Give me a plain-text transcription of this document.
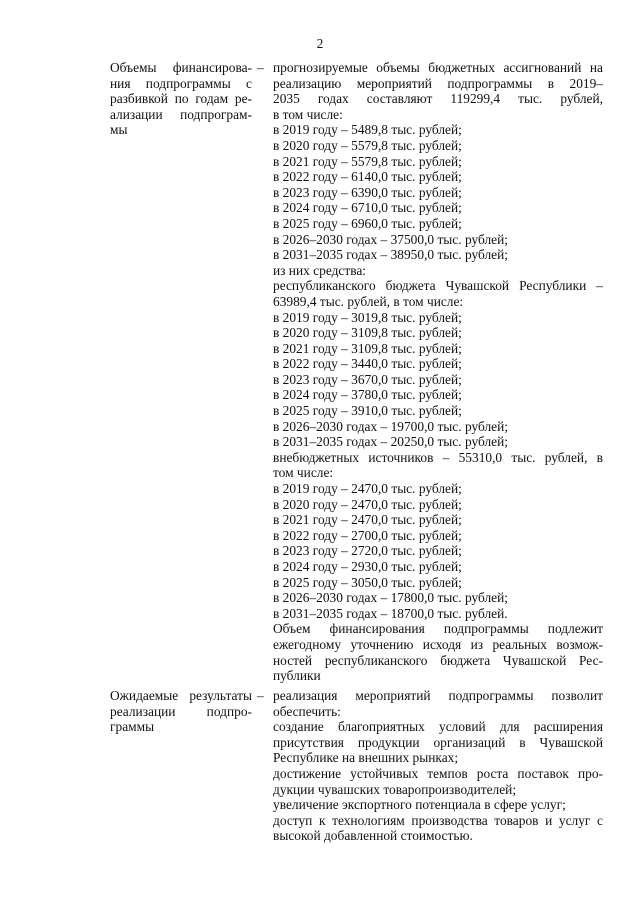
2
Объемы финансирова-
ния подпрограммы с
разбивкой по годам ре-
ализации подпрограм-
мы
– прогнозируемые объемы бюджетных ассигнований на
реализацию мероприятий подпрограммы в 2019–
2035 годах составляют 119299,4 тыс. рублей,
в том числе:
в 2019 году – 5489,8 тыс. рублей;
в 2020 году – 5579,8 тыс. рублей;
в 2021 году – 5579,8 тыс. рублей;
в 2022 году – 6140,0 тыс. рублей;
в 2023 году – 6390,0 тыс. рублей;
в 2024 году – 6710,0 тыс. рублей;
в 2025 году – 6960,0 тыс. рублей;
в 2026–2030 годах – 37500,0 тыс. рублей;
в 2031–2035 годах – 38950,0 тыс. рублей;
из них средства:
республиканского бюджета Чувашской Республики –
63989,4 тыс. рублей, в том числе:
в 2019 году – 3019,8 тыс. рублей;
в 2020 году – 3109,8 тыс. рублей;
в 2021 году – 3109,8 тыс. рублей;
в 2022 году – 3440,0 тыс. рублей;
в 2023 году – 3670,0 тыс. рублей;
в 2024 году – 3780,0 тыс. рублей;
в 2025 году – 3910,0 тыс. рублей;
в 2026–2030 годах – 19700,0 тыс. рублей;
в 2031–2035 годах – 20250,0 тыс. рублей;
внебюджетных источников – 55310,0 тыс. рублей, в
том числе:
в 2019 году – 2470,0 тыс. рублей;
в 2020 году – 2470,0 тыс. рублей;
в 2021 году – 2470,0 тыс. рублей;
в 2022 году – 2700,0 тыс. рублей;
в 2023 году – 2720,0 тыс. рублей;
в 2024 году – 2930,0 тыс. рублей;
в 2025 году – 3050,0 тыс. рублей;
в 2026–2030 годах – 17800,0 тыс. рублей;
в 2031–2035 годах – 18700,0 тыс. рублей.
Объем финансирования подпрограммы подлежит
ежегодному уточнению исходя из реальных возмож-
ностей республиканского бюджета Чувашской Рес-
публики
Ожидаемые результаты
реализации подпро-
граммы
– реализация мероприятий подпрограммы позволит
обеспечить:
создание благоприятных условий для расширения
присутствия продукции организаций в Чувашской
Республике на внешних рынках;
достижение устойчивых темпов роста поставок про-
дукции чувашских товаропроизводителей;
увеличение экспортного потенциала в сфере услуг;
доступ к технологиям производства товаров и услуг с
высокой добавленной стоимостью.
